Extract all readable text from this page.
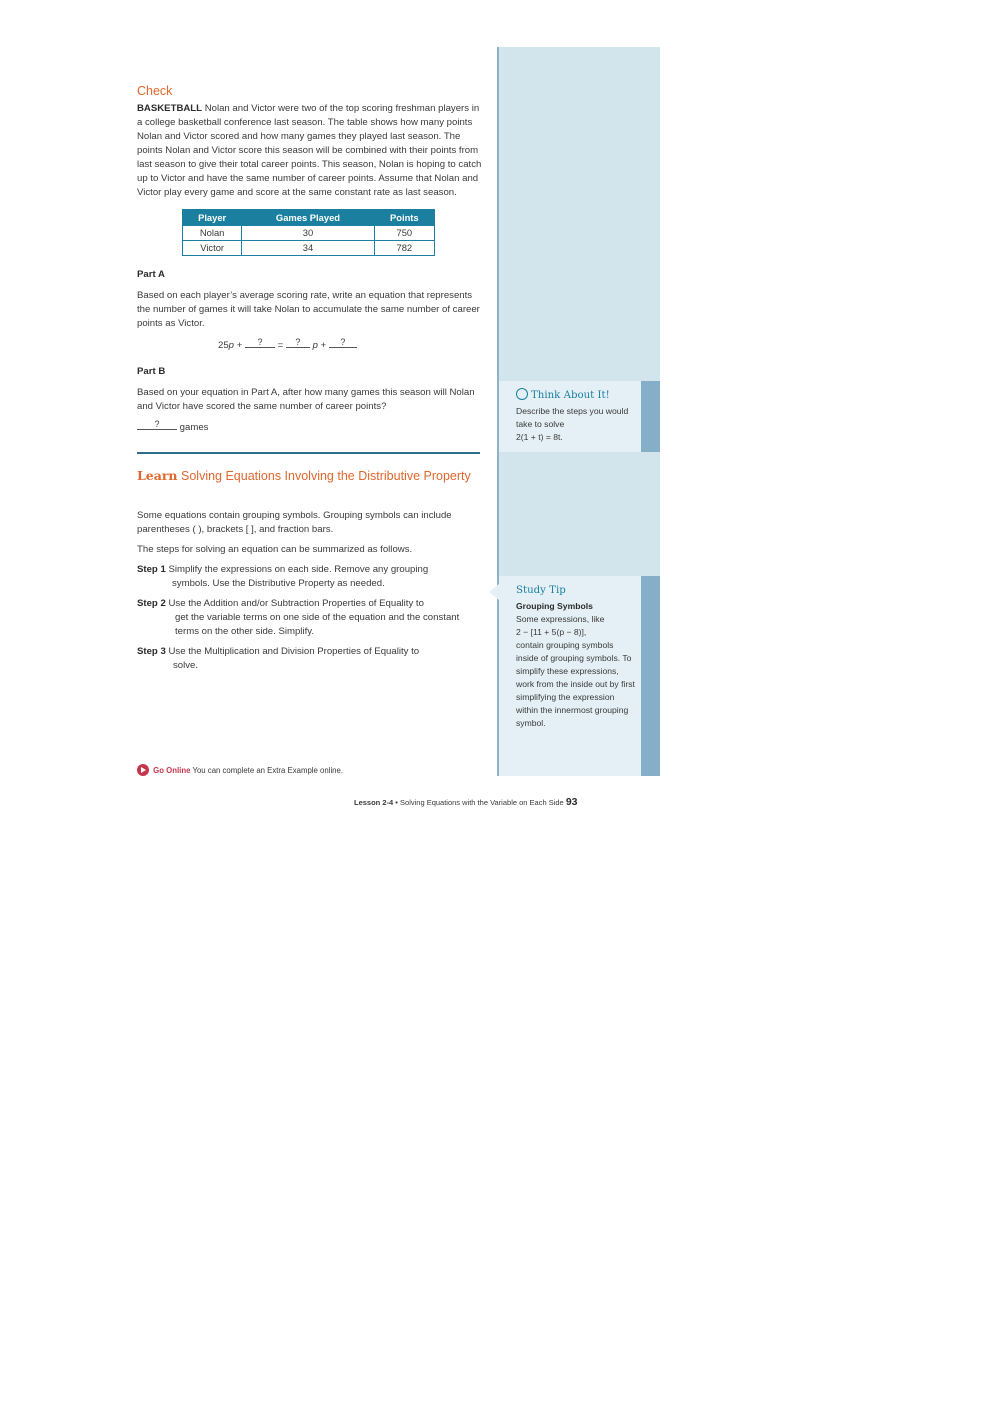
Check

BASKETBALL Nolan and Victor were two of the top scoring freshman players in a college basketball conference last season. The table shows how many points Nolan and Victor scored and how many games they played last season. The points Nolan and Victor score this season will be combined with their points from last season to give their total career points. This season, Nolan is hoping to catch up to Victor and have the same number of career points. Assume that Nolan and Victor play every game and score at the same constant rate as last season.

Player	Games Played	Points
Nolan	30	750
Victor	34	782
Part A

Based on each player’s average scoring rate, write an equation that represents the number of games it will take Nolan to accumulate the same number of career points as Victor.

25p + ? = ? p + ?
Part B

Based on your equation in Part A, after how many games this season will Nolan and Victor have scored the same number of career points?

? games
Learn Solving Equations Involving the Distributive Property

Some equations contain grouping symbols. Grouping symbols can include parentheses ( ), brackets [ ], and fraction bars.

The steps for solving an equation can be summarized as follows.

Step 1 Simplify the expressions on each side. Remove any grouping
symbols. Use the Distributive Property as needed.
Step 2 Use the Addition and/or Subtraction Properties of Equality to
get the variable terms on one side of the equation and the constant terms on the other side. Simplify.
Step 3 Use the Multiplication and Division Properties of Equality to
solve.
Go Online You can complete an Extra Example online.
Think About It!
Describe the steps you would take to solve
2(1 + t) = 8t.
Study Tip
Grouping Symbols
Some expressions, like
2 − [11 + 5(p − 8)],
contain grouping symbols inside of grouping symbols. To simplify these expressions, work from the inside out by first simplifying the expression within the innermost grouping symbol.
Lesson 2-4 • Solving Equations with the Variable on Each Side 93
